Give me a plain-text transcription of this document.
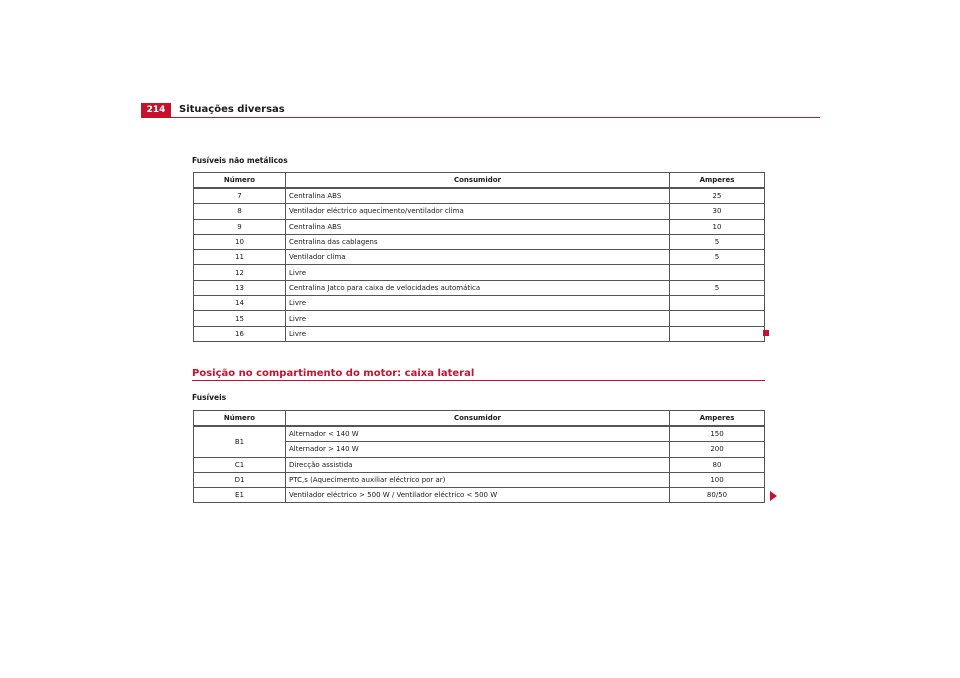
214	Situações diversas
Fusíveis não metálicos
Número	Consumidor	Amperes
7	Centralina ABS	25
8	Ventilador eléctrico aquecimento/ventilador clima	30
9	Centralina ABS	10
10	Centralina das cablagens	5
11	Ventilador clima	5
12	Livre	
13	Centralina Jatco para caixa de velocidades automática	5
14	Livre	
15	Livre	
16	Livre	
Posição no compartimento do motor: caixa lateral
Fusíveis
Número	Consumidor	Amperes
B1	Alternador < 140 W	150
	Alternador > 140 W	200
C1	Direcção assistida	80
D1	PTC,s (Aquecimento auxiliar eléctrico por ar)	100
E1	Ventilador eléctrico > 500 W / Ventilador eléctrico < 500 W	80/50
